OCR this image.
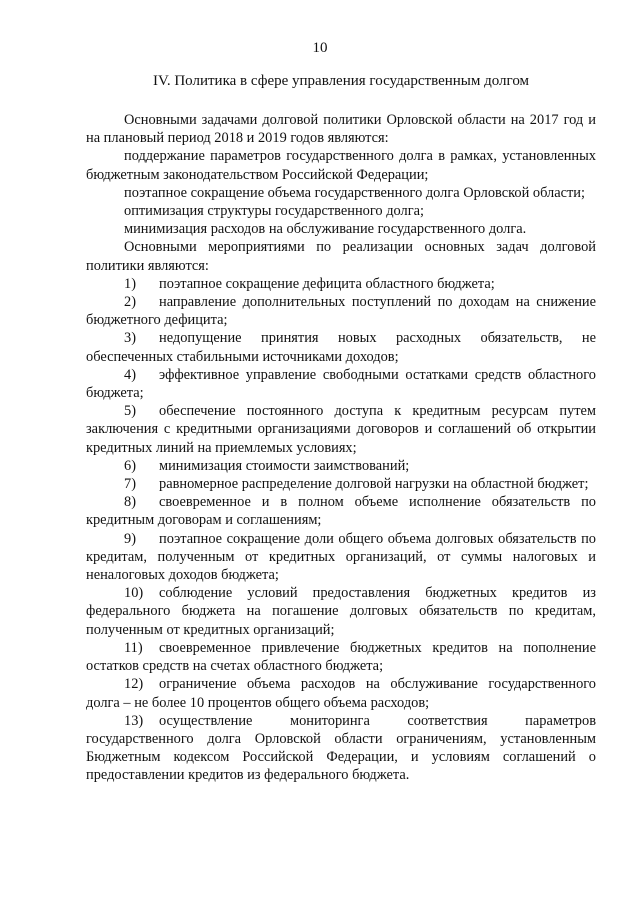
10
IV. Политика в сфере управления государственным долгом

Основными задачами долговой политики Орловской области на 2017 год и на плановый период 2018 и 2019 годов являются:

поддержание параметров государственного долга в рамках, установленных бюджетным законодательством Российской Федерации;

поэтапное сокращение объема государственного долга Орловской области;

оптимизация структуры государственного долга;

минимизация расходов на обслуживание государственного долга.

Основными мероприятиями по реализации основных задач долговой политики являются:

1) поэтапное сокращение дефицита областного бюджета;

2) направление дополнительных поступлений по доходам на снижение бюджетного дефицита;

3) недопущение принятия новых расходных обязательств, не обеспеченных стабильными источниками доходов;

4) эффективное управление свободными остатками средств областного бюджета;

5) обеспечение постоянного доступа к кредитным ресурсам путем заключения с кредитными организациями договоров и соглашений об открытии кредитных линий на приемлемых условиях;

6) минимизация стоимости заимствований;

7) равномерное распределение долговой нагрузки на областной бюджет;

8) своевременное и в полном объеме исполнение обязательств по кредитным договорам и соглашениям;

9) поэтапное сокращение доли общего объема долговых обязательств по кредитам, полученным от кредитных организаций, от суммы налоговых и неналоговых доходов бюджета;

10) соблюдение условий предоставления бюджетных кредитов из федерального бюджета на погашение долговых обязательств по кредитам, полученным от кредитных организаций;

11) своевременное привлечение бюджетных кредитов на пополнение остатков средств на счетах областного бюджета;

12) ограничение объема расходов на обслуживание государственного долга – не более 10 процентов общего объема расходов;

13) осуществление мониторинга соответствия параметров государственного долга Орловской области ограничениям, установленным Бюджетным кодексом Российской Федерации, и условиям соглашений о предоставлении кредитов из федерального бюджета.
